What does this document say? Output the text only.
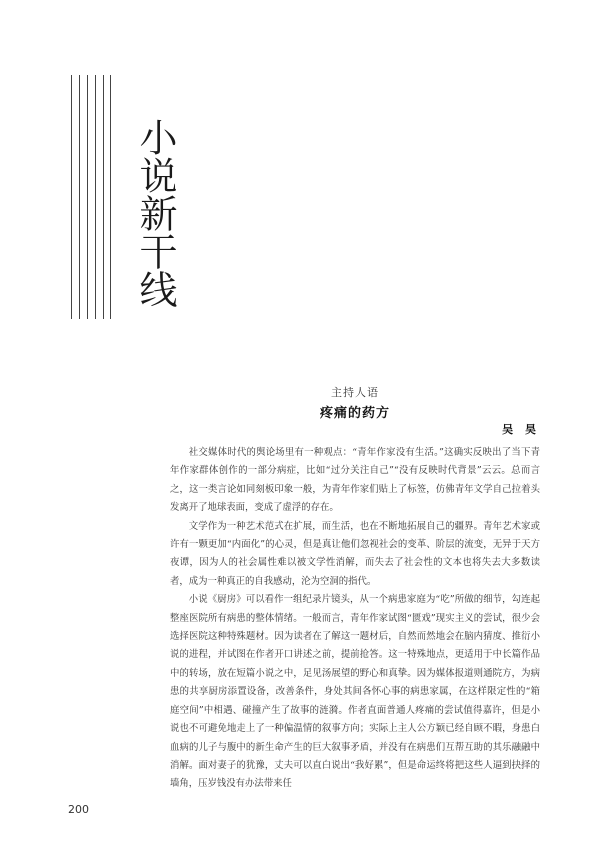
小说新干线
主持人语
疼痛的药方
吴 昊

社交媒体时代的舆论场里有一种观点：“青年作家没有生活。”这确实反映出了当下青年作家群体创作的一部分病症，比如“过分关注自己”“没有反映时代背景”云云。总而言之，这一类言论如同刻板印象一般，为青年作家们贴上了标签，仿佛青年文学自己拉着头发离开了地球表面，变成了虚浮的存在。

文学作为一种艺术范式在扩展，而生活，也在不断地拓展自己的疆界。青年艺术家或许有一颗更加“内面化”的心灵，但是真让他们忽视社会的变革、阶层的流变，无异于天方夜谭，因为人的社会属性难以被文学性消解，而失去了社会性的文本也将失去大多数读者，成为一种真正的自我感动，沦为空洞的指代。

小说《厨房》可以看作一组纪录片镜头，从一个病患家庭为“吃”所做的细节，勾连起整座医院所有病患的整体情绪。一般而言，青年作家试图“匮戏”现实主义的尝试，很少会选择医院这种特殊题材。因为读者在了解这一题材后，自然而然地会在脑内猜度、推衍小说的进程，并试图在作者开口讲述之前，提前抢答。这一特殊地点，更适用于中长篇作品中的转场，放在短篇小说之中，足见汤展望的野心和真挚。因为媒体报道则通院方，为病患的共享厨房添置设备，改善条件，身处其间各怀心事的病患家属，在这样限定性的“箱庭空间”中相遇、碰撞产生了故事的涟漪。作者直面普通人疼痛的尝试值得嘉许，但是小说也不可避免地走上了一种偏温情的叙事方向；实际上主人公方颖已经自顾不暇，身患白血病的儿子与腹中的新生命产生的巨大叙事矛盾，并没有在病患们互帮互助的其乐融融中消解。面对妻子的犹豫，丈夫可以直白说出“我好累”，但是命运终将把这些人逼到抉择的墙角，压岁钱没有办法带来任

200
